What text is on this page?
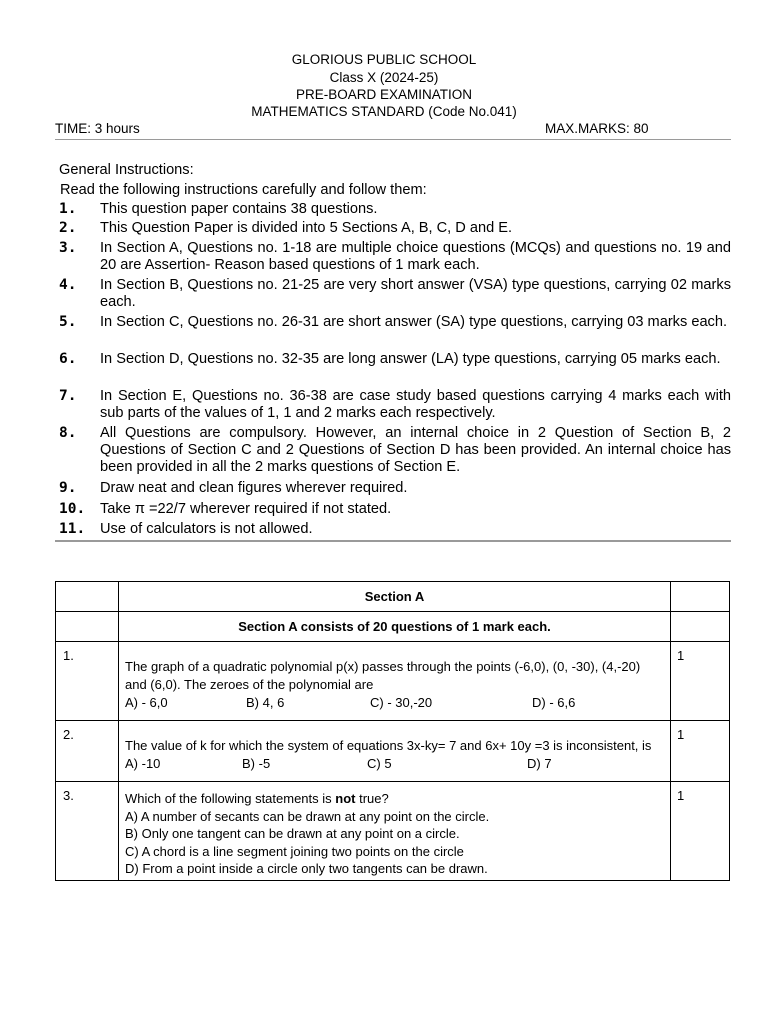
GLORIOUS PUBLIC SCHOOL
Class X (2024-25)
PRE-BOARD EXAMINATION
MATHEMATICS STANDARD (Code No.041)
TIME: 3 hours	MAX.MARKS: 80
General Instructions:
Read the following instructions carefully and follow them:
1. This question paper contains 38 questions.
2. This Question Paper is divided into 5 Sections A, B, C, D and E.
3. In Section A, Questions no. 1-18 are multiple choice questions (MCQs) and questions no. 19 and 20 are Assertion- Reason based questions of 1 mark each.
4. In Section B, Questions no. 21-25 are very short answer (VSA) type questions, carrying 02 marks each.
5. In Section C, Questions no. 26-31 are short answer (SA) type questions, carrying 03 marks each.
6. In Section D, Questions no. 32-35 are long answer (LA) type questions, carrying 05 marks each.
7. In Section E, Questions no. 36-38 are case study based questions carrying 4 marks each with sub parts of the values of 1, 1 and 2 marks each respectively.
8. All Questions are compulsory. However, an internal choice in 2 Question of Section B, 2 Questions of Section C and 2 Questions of Section D has been provided. An internal choice has been provided in all the 2 marks questions of Section E.
9. Draw neat and clean figures wherever required.
10. Take π =22/7 wherever required if not stated.
11. Use of calculators is not allowed.
	Section A	
	Section A consists of 20 questions of 1 mark each.	
1.	The graph of a quadratic polynomial p(x) passes through the points (-6,0), (0, -30), (4,-20) and (6,0). The zeroes of the polynomial are
A) - 6,0 B) 4, 6 C) - 30,-20 D) - 6,6	1
2.	The value of k for which the system of equations 3x-ky= 7 and 6x+ 10y =3 is inconsistent, is
A) -10 B) -5 C) 5 D) 7	1
3.	Which of the following statements is not true?
A) A number of secants can be drawn at any point on the circle.
B) Only one tangent can be drawn at any point on a circle.
C) A chord is a line segment joining two points on the circle
D) From a point inside a circle only two tangents can be drawn.	1
